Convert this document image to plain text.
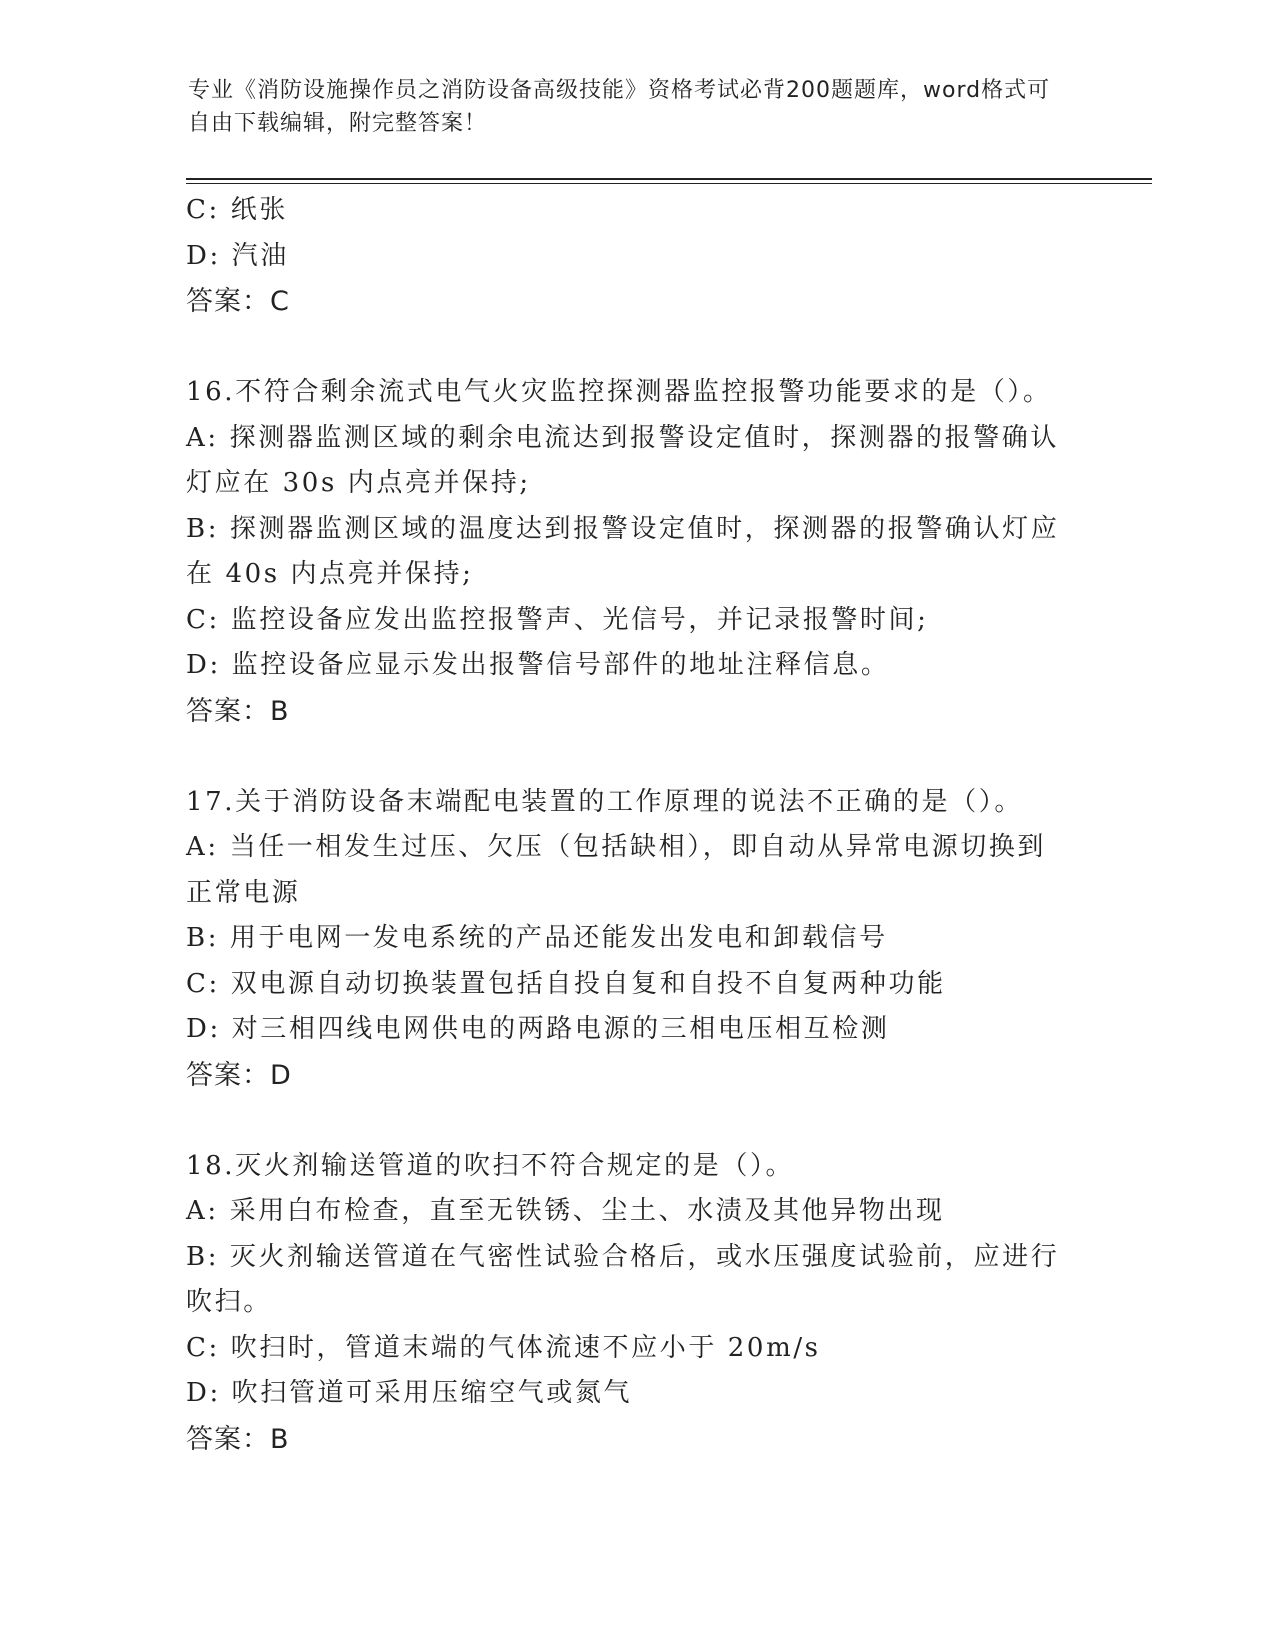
专业《消防设施操作员之消防设备高级技能》资格考试必背200题题库，word格式可自由下载编辑，附完整答案！

C: 纸张

D: 汽油

答案：C

16.不符合剩余流式电气火灾监控探测器监控报警功能要求的是（）。

A: 探测器监测区域的剩余电流达到报警设定值时，探测器的报警确认

灯应在 30s 内点亮并保持;

B: 探测器监测区域的温度达到报警设定值时，探测器的报警确认灯应

在 40s 内点亮并保持;

C: 监控设备应发出监控报警声、光信号，并记录报警时间;

D: 监控设备应显示发出报警信号部件的地址注释信息。

答案：B

17.关于消防设备末端配电装置的工作原理的说法不正确的是（）。

A: 当任一相发生过压、欠压（包括缺相），即自动从异常电源切换到

正常电源

B: 用于电网一发电系统的产品还能发出发电和卸载信号

C: 双电源自动切换装置包括自投自复和自投不自复两种功能

D: 对三相四线电网供电的两路电源的三相电压相互检测

答案：D

18.灭火剂输送管道的吹扫不符合规定的是（）。

A: 采用白布检查，直至无铁锈、尘土、水渍及其他异物出现

B: 灭火剂输送管道在气密性试验合格后，或水压强度试验前，应进行

吹扫。

C: 吹扫时，管道末端的气体流速不应小于 20m/s

D: 吹扫管道可采用压缩空气或氮气

答案：B
